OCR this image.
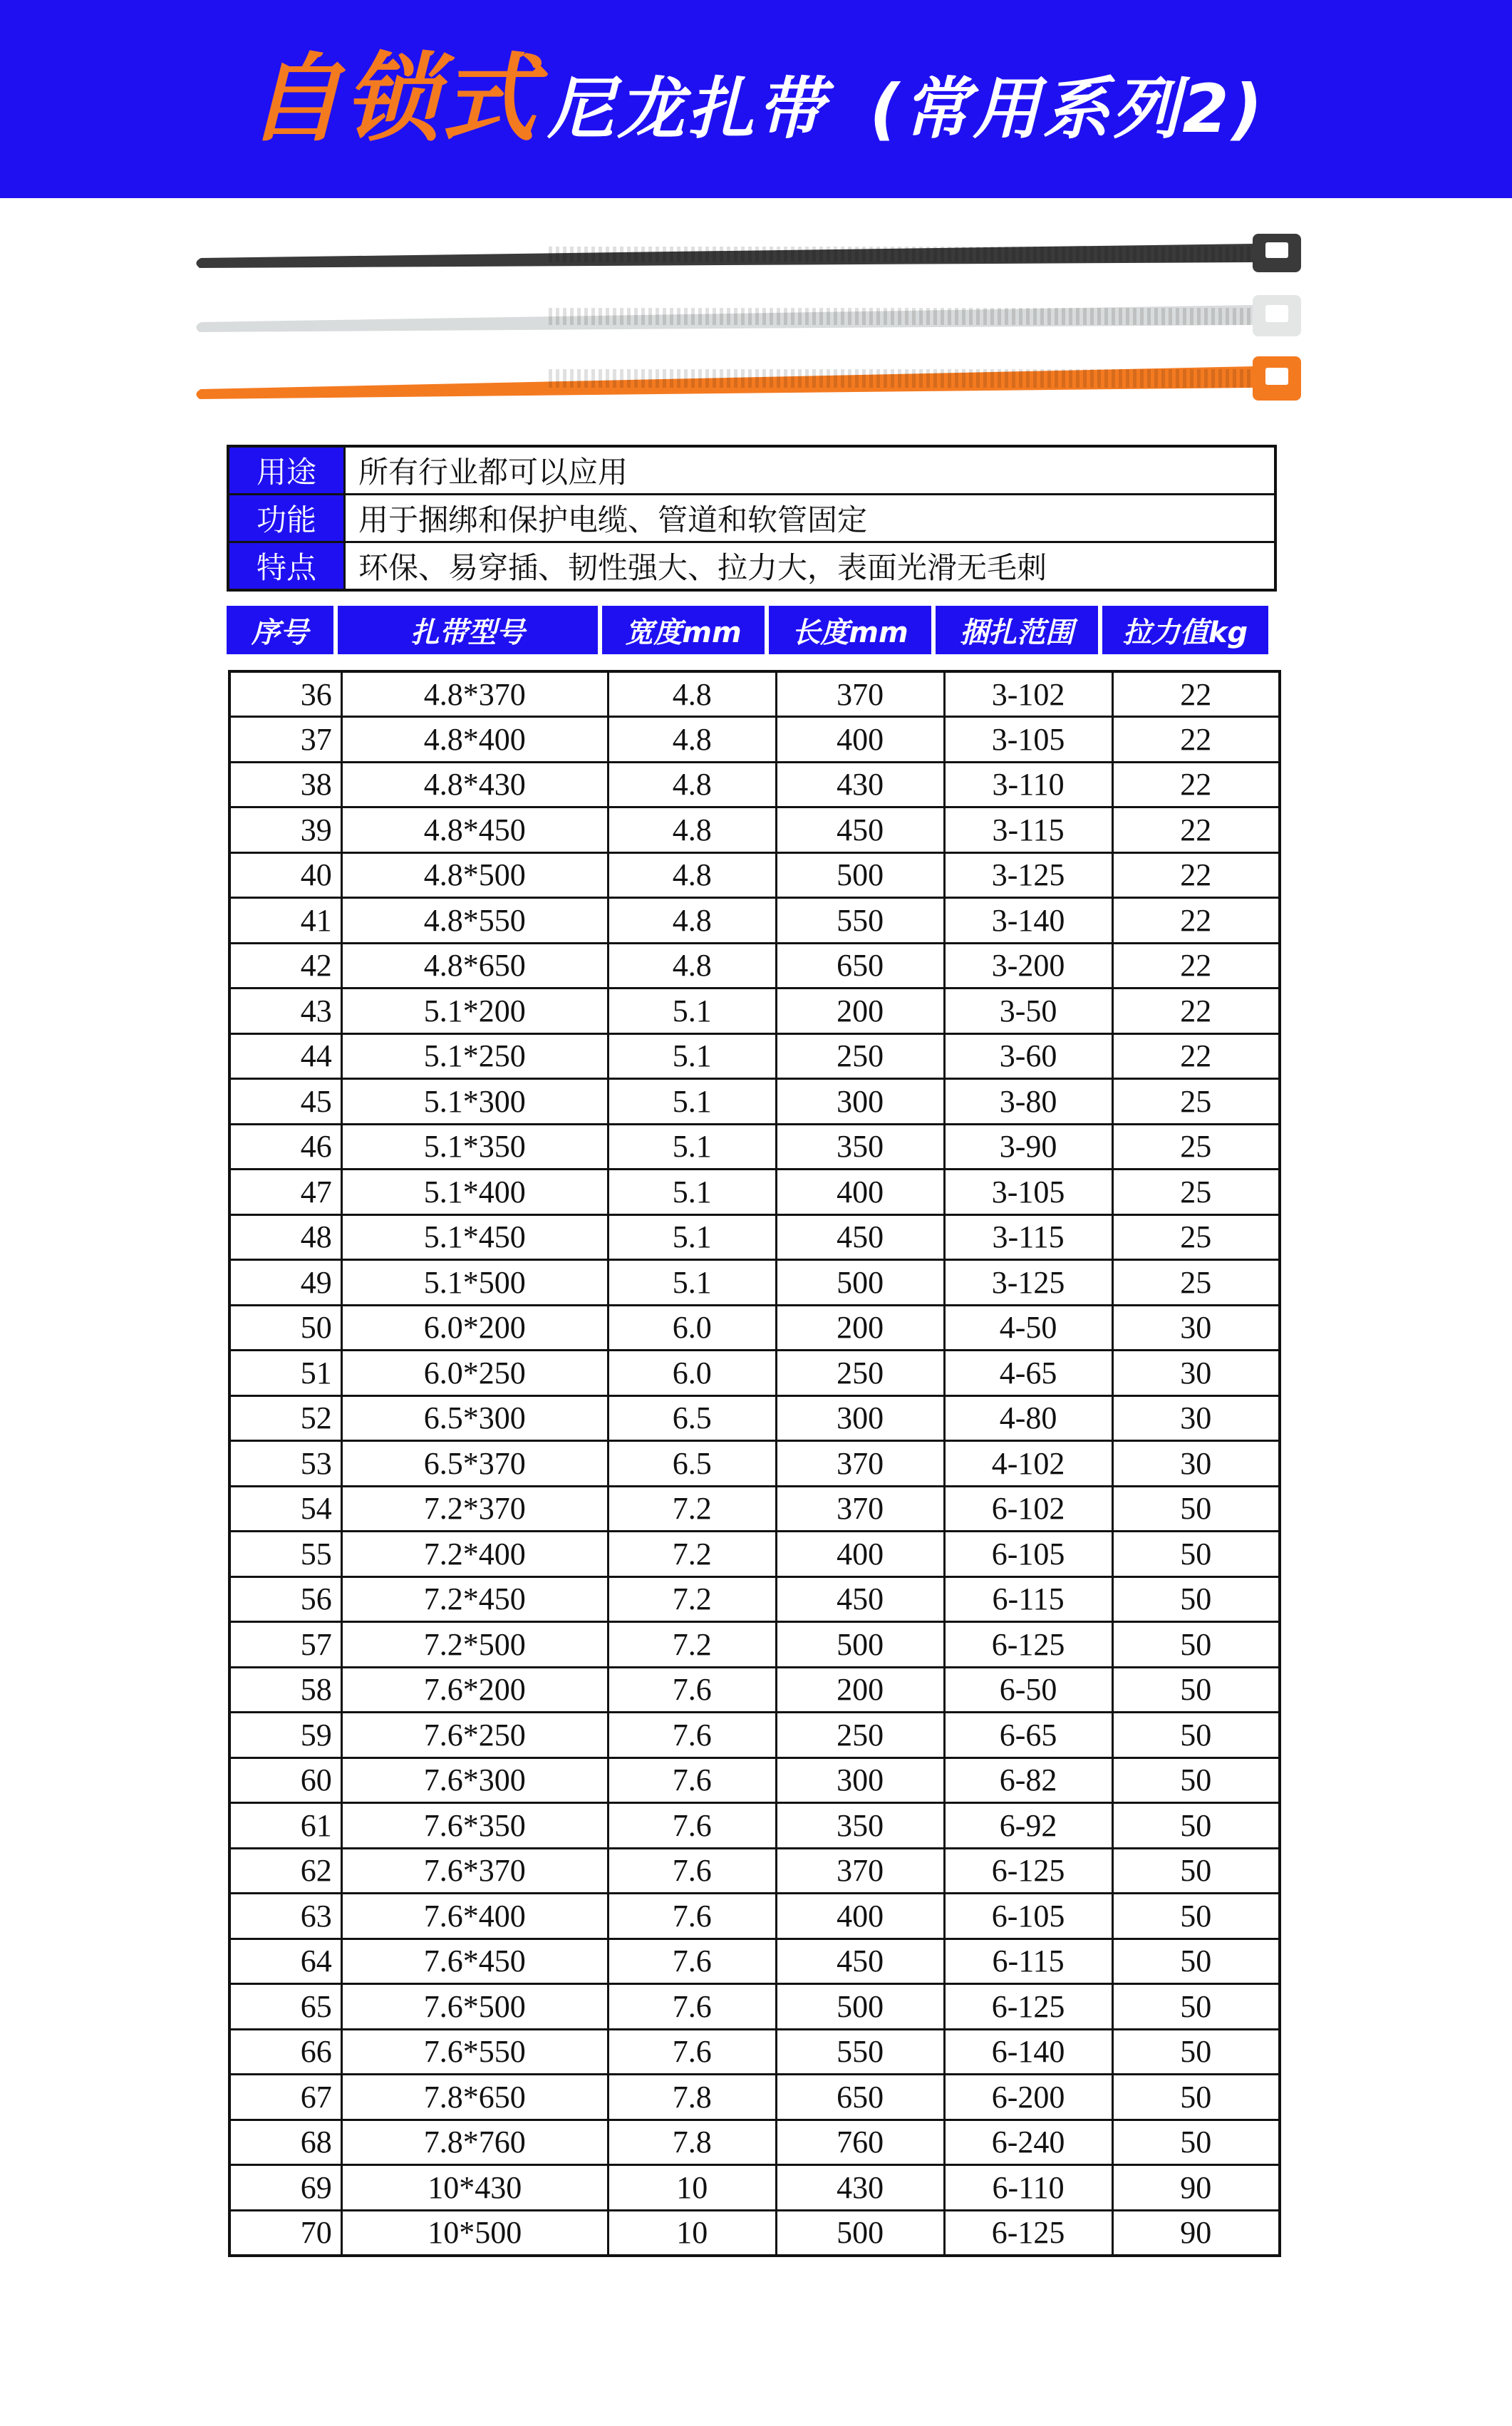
自锁式 尼龙扎带 (常用系列2)
用途	所有行业都可以应用
功能	用于捆绑和保护电缆、管道和软管固定
特点	环保、易穿插、韧性强大、拉力大，表面光滑无毛刺
序号	扎带型号	宽度mm	长度mm	捆扎范围	拉力值kg
36	4.8*370	4.8	370	3-102	22
37	4.8*400	4.8	400	3-105	22
38	4.8*430	4.8	430	3-110	22
39	4.8*450	4.8	450	3-115	22
40	4.8*500	4.8	500	3-125	22
41	4.8*550	4.8	550	3-140	22
42	4.8*650	4.8	650	3-200	22
43	5.1*200	5.1	200	3-50	22
44	5.1*250	5.1	250	3-60	22
45	5.1*300	5.1	300	3-80	25
46	5.1*350	5.1	350	3-90	25
47	5.1*400	5.1	400	3-105	25
48	5.1*450	5.1	450	3-115	25
49	5.1*500	5.1	500	3-125	25
50	6.0*200	6.0	200	4-50	30
51	6.0*250	6.0	250	4-65	30
52	6.5*300	6.5	300	4-80	30
53	6.5*370	6.5	370	4-102	30
54	7.2*370	7.2	370	6-102	50
55	7.2*400	7.2	400	6-105	50
56	7.2*450	7.2	450	6-115	50
57	7.2*500	7.2	500	6-125	50
58	7.6*200	7.6	200	6-50	50
59	7.6*250	7.6	250	6-65	50
60	7.6*300	7.6	300	6-82	50
61	7.6*350	7.6	350	6-92	50
62	7.6*370	7.6	370	6-125	50
63	7.6*400	7.6	400	6-105	50
64	7.6*450	7.6	450	6-115	50
65	7.6*500	7.6	500	6-125	50
66	7.6*550	7.6	550	6-140	50
67	7.8*650	7.8	650	6-200	50
68	7.8*760	7.8	760	6-240	50
69	10*430	10	430	6-110	90
70	10*500	10	500	6-125	90
